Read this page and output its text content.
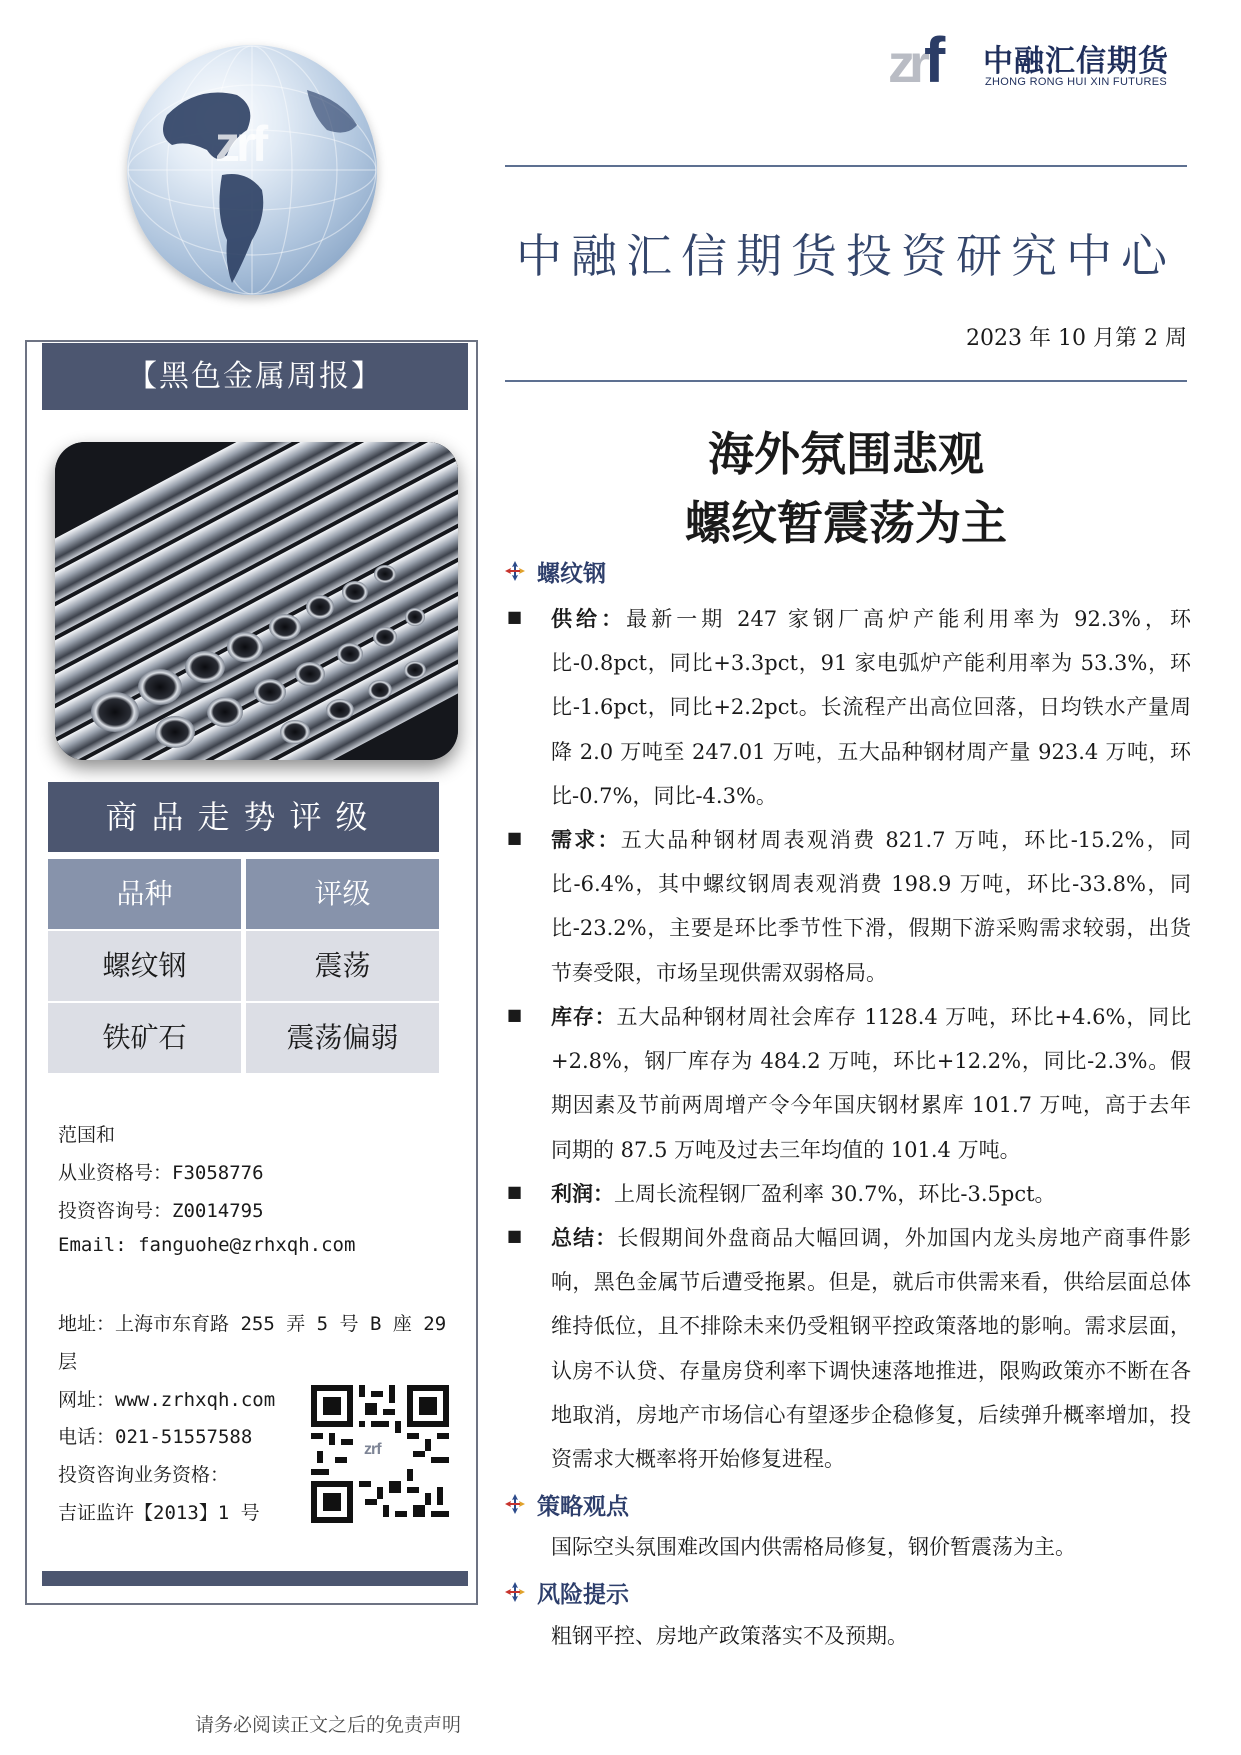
zrf
zrf 中融汇信期货
ZHONG RONG HUI XIN FUTURES
中融汇信期货投资研究中心
2023 年 10 月第 2 周
【黑色金属周报】
商品走势评级
品种	评级
螺纹钢	震荡
铁矿石	震荡偏弱
范国和
从业资格号：F3058776
投资咨询号：Z0014795
Email: fanguohe@zrhxqh.com
地址：上海市东育路 255 弄 5 号 B 座 29
层
网址：www.zrhxqh.com
电话：021-51557588
投资咨询业务资格：
吉证监许【2013】1 号
zrf
海外氛围悲观
螺纹暂震荡为主
螺纹钢
■ 供给：最新一期 247 家钢厂高炉产能利用率为 92.3%，环比-0.8pct，同比+3.3pct，91 家电弧炉产能利用率为 53.3%，环比-1.6pct，同比+2.2pct。长流程产出高位回落，日均铁水产量周降 2.0 万吨至 247.01 万吨，五大品种钢材周产量 923.4 万吨，环比-0.7%，同比-4.3%。
■ 需求：五大品种钢材周表观消费 821.7 万吨，环比-15.2%，同比-6.4%，其中螺纹钢周表观消费 198.9 万吨，环比-33.8%，同比-23.2%，主要是环比季节性下滑，假期下游采购需求较弱，出货节奏受限，市场呈现供需双弱格局。
■ 库存：五大品种钢材周社会库存 1128.4 万吨，环比+4.6%，同比+2.8%，钢厂库存为 484.2 万吨，环比+12.2%，同比-2.3%。假期因素及节前两周增产令今年国庆钢材累库 101.7 万吨，高于去年同期的 87.5 万吨及过去三年均值的 101.4 万吨。
■ 利润：上周长流程钢厂盈利率 30.7%，环比-3.5pct。
■ 总结：长假期间外盘商品大幅回调，外加国内龙头房地产商事件影响，黑色金属节后遭受拖累。但是，就后市供需来看，供给层面总体维持低位，且不排除未来仍受粗钢平控政策落地的影响。需求层面，认房不认贷、存量房贷利率下调快速落地推进，限购政策亦不断在各地取消，房地产市场信心有望逐步企稳修复，后续弹升概率增加，投资需求大概率将开始修复进程。
策略观点
国际空头氛围难改国内供需格局修复，钢价暂震荡为主。
风险提示
粗钢平控、房地产政策落实不及预期。
请务必阅读正文之后的免责声明
